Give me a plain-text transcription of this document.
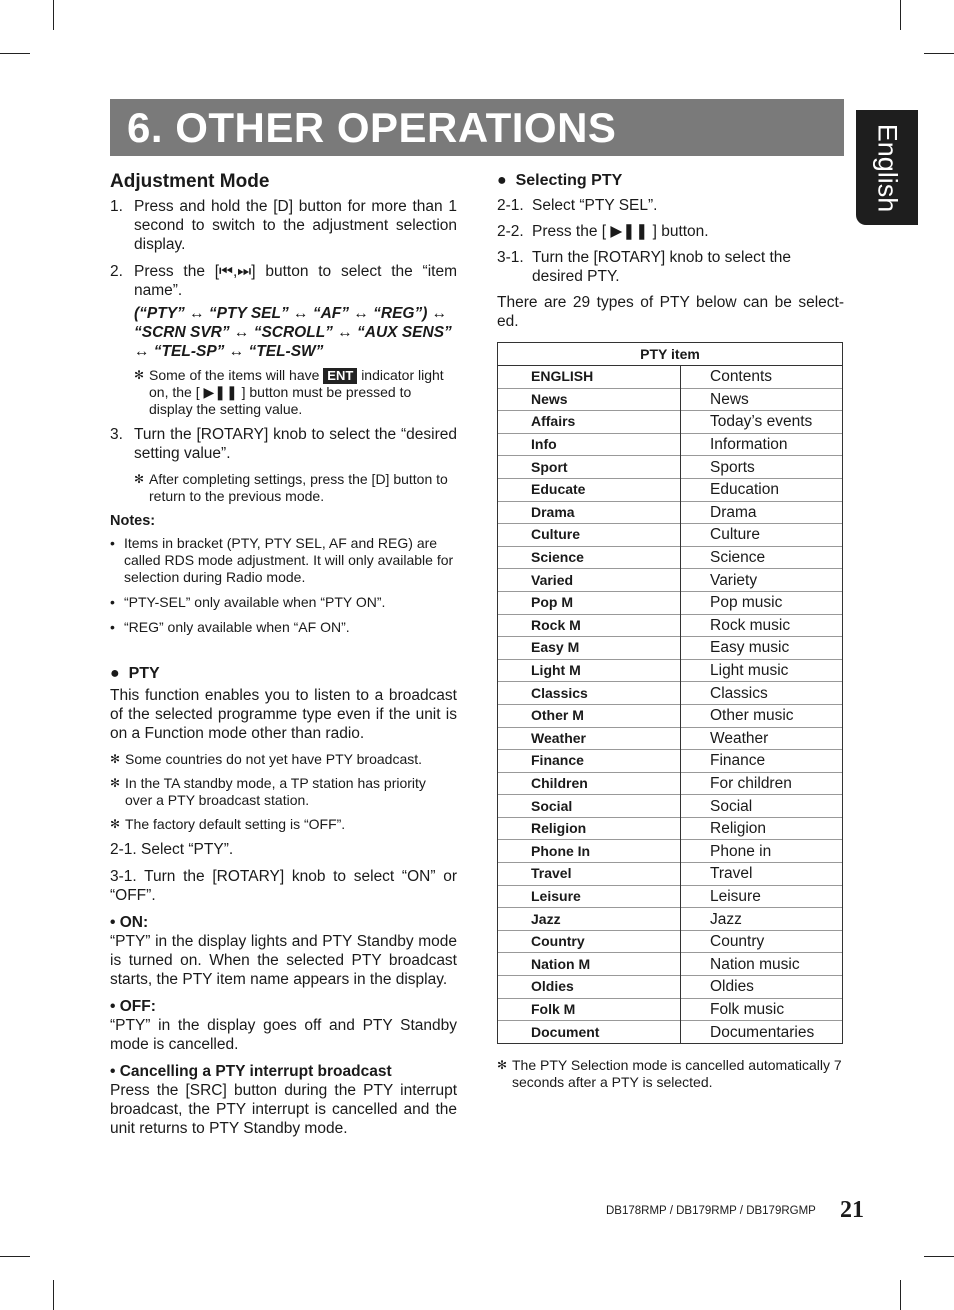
6. OTHER OPERATIONS	English
Adjustment Mode
1. Press and hold the [D] button for more than 1 second to switch to the adjustment selection display.
2. Press the [⏮,⏭] button to select the “item name”.
(“PTY” ↔ “PTY SEL” ↔ “AF” ↔ “REG”) ↔ “SCRN SVR” ↔ “SCROLL” ↔ “AUX SENS” ↔ “TEL-SP” ↔ “TEL-SW”
✻ Some of the items will have ENT indicator light on, the [ ▶❚❚ ] button must be pressed to display the setting value.
3. Turn the [ROTARY] knob to select the “desired setting value”.
✻ After completing settings, press the [D] button to return to the previous mode.
Notes:
• Items in bracket (PTY, PTY SEL, AF and REG) are called RDS mode adjustment. It will only available for selection during Radio mode.
• “PTY-SEL” only available when “PTY ON”.
• “REG” only available when “AF ON”.
●  PTY
This function enables you to listen to a broadcast of the selected programme type even if the unit is on a Function mode other than radio.
✻ Some countries do not yet have PTY broadcast.
✻ In the TA standby mode, a TP station has priority over a PTY broadcast station.
✻ The factory default setting is “OFF”.
2-1. Select “PTY”.
3-1. Turn the [ROTARY] knob to select “ON” or “OFF”.
• ON:
“PTY” in the display lights and PTY Standby mode is turned on. When the selected PTY broadcast starts, the PTY item name appears in the display.
• OFF:
“PTY” in the display goes off and PTY Standby mode is cancelled.
• Cancelling a PTY interrupt broadcast
Press the [SRC] button during the PTY interrupt broadcast, the PTY interrupt is cancelled and the unit returns to PTY Standby mode.
●  Selecting PTY
2-1. Select “PTY SEL”.
2-2. Press the [ ▶❚❚ ] button.
3-1. Turn the [ROTARY] knob to select the desired PTY.
There are 29 types of PTY below can be select-ed.
PTY item	
ENGLISH	Contents
News	News
Affairs	Today’s events
Info	Information
Sport	Sports
Educate	Education
Drama	Drama
Culture	Culture
Science	Science
Varied	Variety
Pop M	Pop music
Rock M	Rock music
Easy M	Easy music
Light M	Light music
Classics	Classics
Other M	Other music
Weather	Weather
Finance	Finance
Children	For children
Social	Social
Religion	Religion
Phone In	Phone in
Travel	Travel
Leisure	Leisure
Jazz	Jazz
Country	Country
Nation M	Nation music
Oldies	Oldies
Folk M	Folk music
Document	Documentaries
✻ The PTY Selection mode is cancelled automatically 7 seconds after a PTY is selected.
DB178RMP / DB179RMP / DB179RGMP 21
